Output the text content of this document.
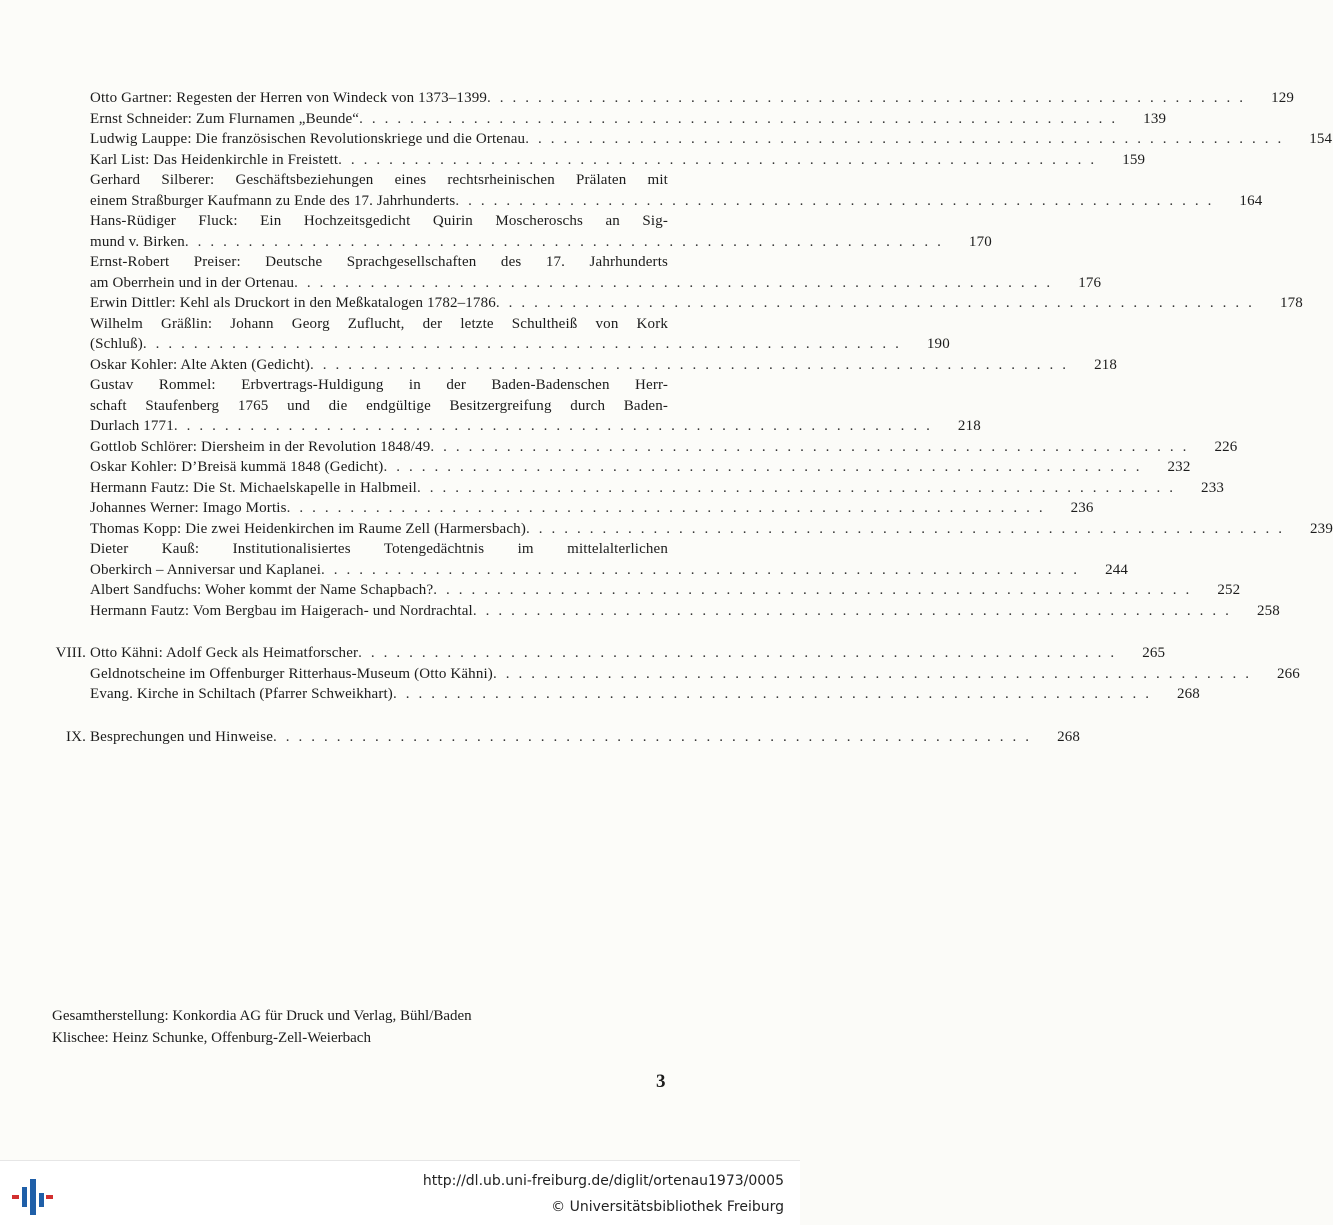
Otto Gartner: Regesten der Herren von Windeck von 1373–1399 ............................................................	129
Ernst Schneider: Zum Flurnamen „Beunde“ ............................................................	139
Ludwig Lauppe: Die französischen Revolutionskriege und die Ortenau ............................................................	154
Karl List: Das Heidenkirchle in Freistett ............................................................	159
Gerhard Silberer: Geschäftsbeziehungen eines rechtsrheinischen Prälaten mit
einem Straßburger Kaufmann zu Ende des 17. Jahrhunderts ............................................................	164
Hans-Rüdiger Fluck: Ein Hochzeitsgedicht Quirin Moscheroschs an Sig-
mund v. Birken ............................................................	170
Ernst-Robert Preiser: Deutsche Sprachgesellschaften des 17. Jahrhunderts
am Oberrhein und in der Ortenau ............................................................	176
Erwin Dittler: Kehl als Druckort in den Meßkatalogen 1782–1786 ............................................................	178
Wilhelm Gräßlin: Johann Georg Zuflucht, der letzte Schultheiß von Kork
(Schluß) ............................................................	190
Oskar Kohler: Alte Akten (Gedicht) ............................................................	218
Gustav Rommel: Erbvertrags-Huldigung in der Baden-Badenschen Herr-
schaft Staufenberg 1765 und die endgültige Besitzergreifung durch Baden-
Durlach 1771 ............................................................	218
Gottlob Schlörer: Diersheim in der Revolution 1848/49 ............................................................	226
Oskar Kohler: D’Breisä kummä 1848 (Gedicht) ............................................................	232
Hermann Fautz: Die St. Michaelskapelle in Halbmeil ............................................................	233
Johannes Werner: Imago Mortis ............................................................	236
Thomas Kopp: Die zwei Heidenkirchen im Raume Zell (Harmersbach) ............................................................	239
Dieter Kauß: Institutionalisiertes Totengedächtnis im mittelalterlichen
Oberkirch – Anniversar und Kaplanei ............................................................	244
Albert Sandfuchs: Woher kommt der Name Schapbach? ............................................................	252
Hermann Fautz: Vom Bergbau im Haigerach- und Nordrachtal ............................................................	258
VIII. Otto Kähni: Adolf Geck als Heimatforscher ............................................................	265
Geldnotscheine im Offenburger Ritterhaus-Museum (Otto Kähni) ............................................................	266
Evang. Kirche in Schiltach (Pfarrer Schweikhart) ............................................................	268
IX. Besprechungen und Hinweise ............................................................	268
Gesamtherstellung: Konkordia AG für Druck und Verlag, Bühl/Baden
Klischee: Heinz Schunke, Offenburg-Zell-Weierbach
3
http://dl.ub.uni-freiburg.de/diglit/ortenau1973/0005
© Universitätsbibliothek Freiburg
